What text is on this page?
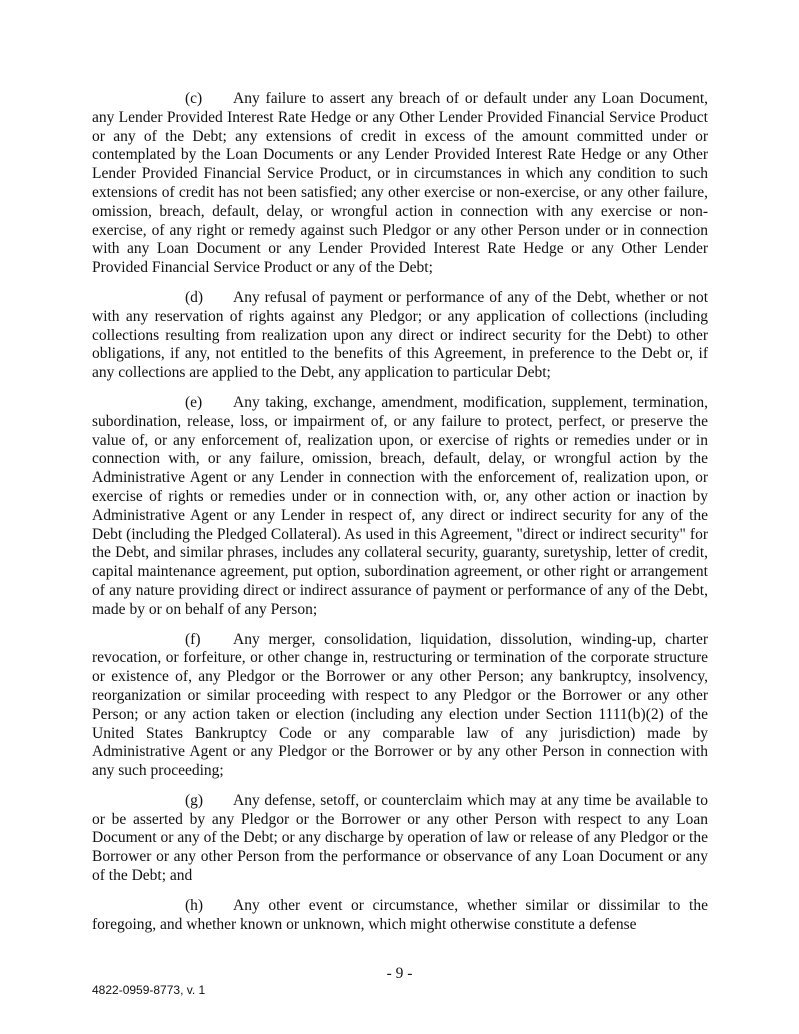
(c) Any failure to assert any breach of or default under any Loan Document, any Lender Provided Interest Rate Hedge or any Other Lender Provided Financial Service Product or any of the Debt; any extensions of credit in excess of the amount committed under or contemplated by the Loan Documents or any Lender Provided Interest Rate Hedge or any Other Lender Provided Financial Service Product, or in circumstances in which any condition to such extensions of credit has not been satisfied; any other exercise or non-exercise, or any other failure, omission, breach, default, delay, or wrongful action in connection with any exercise or non-exercise, of any right or remedy against such Pledgor or any other Person under or in connection with any Loan Document or any Lender Provided Interest Rate Hedge or any Other Lender Provided Financial Service Product or any of the Debt;

(d) Any refusal of payment or performance of any of the Debt, whether or not with any reservation of rights against any Pledgor; or any application of collections (including collections resulting from realization upon any direct or indirect security for the Debt) to other obligations, if any, not entitled to the benefits of this Agreement, in preference to the Debt or, if any collections are applied to the Debt, any application to particular Debt;

(e) Any taking, exchange, amendment, modification, supplement, termination, subordination, release, loss, or impairment of, or any failure to protect, perfect, or preserve the value of, or any enforcement of, realization upon, or exercise of rights or remedies under or in connection with, or any failure, omission, breach, default, delay, or wrongful action by the Administrative Agent or any Lender in connection with the enforcement of, realization upon, or exercise of rights or remedies under or in connection with, or, any other action or inaction by Administrative Agent or any Lender in respect of, any direct or indirect security for any of the Debt (including the Pledged Collateral). As used in this Agreement, "direct or indirect security" for the Debt, and similar phrases, includes any collateral security, guaranty, suretyship, letter of credit, capital maintenance agreement, put option, subordination agreement, or other right or arrangement of any nature providing direct or indirect assurance of payment or performance of any of the Debt, made by or on behalf of any Person;

(f) Any merger, consolidation, liquidation, dissolution, winding-up, charter revocation, or forfeiture, or other change in, restructuring or termination of the corporate structure or existence of, any Pledgor or the Borrower or any other Person; any bankruptcy, insolvency, reorganization or similar proceeding with respect to any Pledgor or the Borrower or any other Person; or any action taken or election (including any election under Section 1111(b)(2) of the United States Bankruptcy Code or any comparable law of any jurisdiction) made by Administrative Agent or any Pledgor or the Borrower or by any other Person in connection with any such proceeding;

(g) Any defense, setoff, or counterclaim which may at any time be available to or be asserted by any Pledgor or the Borrower or any other Person with respect to any Loan Document or any of the Debt; or any discharge by operation of law or release of any Pledgor or the Borrower or any other Person from the performance or observance of any Loan Document or any of the Debt; and

(h) Any other event or circumstance, whether similar or dissimilar to the foregoing, and whether known or unknown, which might otherwise constitute a defense

- 9 -
4822-0959-8773, v. 1
